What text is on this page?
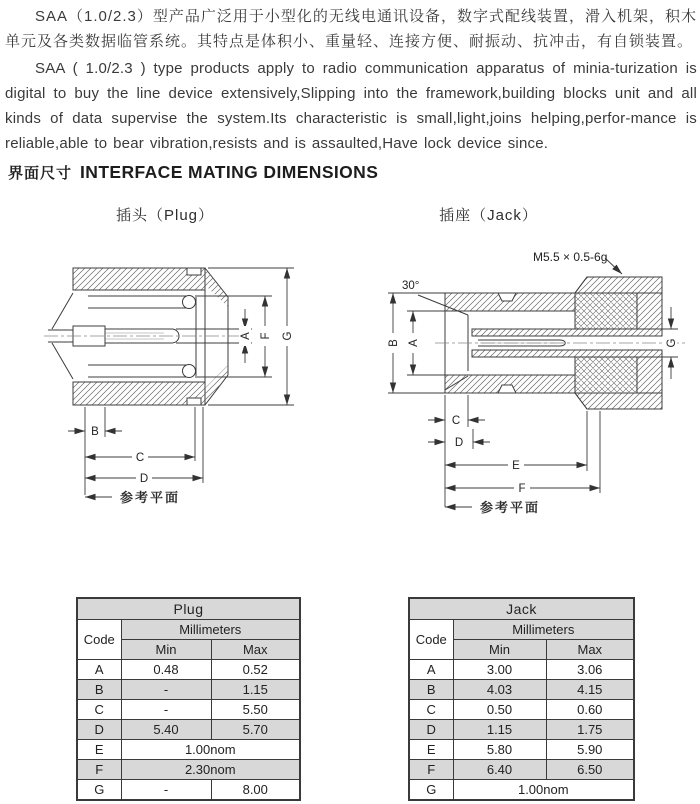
SAA（1.0/2.3）型产品广泛用于小型化的无线电通讯设备，数字式配线装置，滑入机架，积木单元及各类数据临管系统。其特点是体积小、重量轻、连接方便、耐振动、抗冲击，有自锁装置。
SAA ( 1.0/2.3 ) type products apply to radio communication apparatus of minia-turization is digital to buy the line device extensively,Slipping into the framework,building blocks unit and all kinds of data supervise the system.Its characteristic is small,light,joins helping,perfor-mance is reliable,able to bear vibration,resists and is assaulted,Have lock device since.
界面尺寸 INTERFACE MATING DIMENSIONS
插头（Plug）	插座（Jack）
A F G
B
C
D
参考平面
M5.5 × 0.5-6g
30°
B A	G
C
D
E
F
参考平面
Plug		
Code	Millimeters	
	Min	Max
A	0.48	0.52
B	-	1.15
C	-	5.50
D	5.40	5.70
E	1.00nom	
F	2.30nom	
G	-	8.00
Jack		
Code	Millimeters	
	Min	Max
A	3.00	3.06
B	4.03	4.15
C	0.50	0.60
D	1.15	1.75
E	5.80	5.90
F	6.40	6.50
G	1.00nom	
